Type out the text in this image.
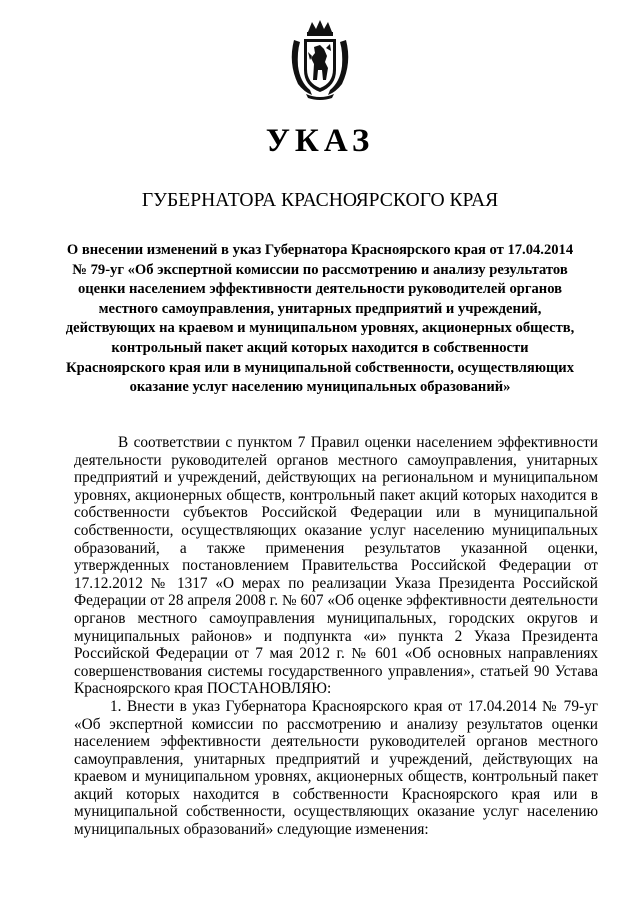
УКАЗ
ГУБЕРНАТОРА КРАСНОЯРСКОГО КРАЯ
О внесении изменений в указ Губернатора Красноярского края от 17.04.2014 № 79-уг «Об экспертной комиссии по рассмотрению и анализу результатов оценки населением эффективности деятельности руководителей органов местного самоуправления, унитарных предприятий и учреждений, действующих на краевом и муниципальном уровнях, акционерных обществ, контрольный пакет акций которых находится в собственности Красноярского края или в муниципальной собственности, осуществляющих оказание услуг населению муниципальных образований»

В соответствии с пунктом 7 Правил оценки населением эффективности деятельности руководителей органов местного самоуправления, унитарных предприятий и учреждений, действующих на региональном и муниципальном уровнях, акционерных обществ, контрольный пакет акций которых находится в собственности субъектов Российской Федерации или в муниципальной собственности, осуществляющих оказание услуг населению муниципальных образований, а также применения результатов указанной оценки, утвержденных постановлением Правительства Российской Федерации от 17.12.2012 № 1317 «О мерах по реализации Указа Президента Российской Федерации от 28 апреля 2008 г. № 607 «Об оценке эффективности деятельности органов местного самоуправления муниципальных, городских округов и муниципальных районов» и подпункта «и» пункта 2 Указа Президента Российской Федерации от 7 мая 2012 г. № 601 «Об основных направлениях совершенствования системы государственного управления», статьей 90 Устава Красноярского края ПОСТАНОВЛЯЮ:

1. Внести в указ Губернатора Красноярского края от 17.04.2014 № 79-уг «Об экспертной комиссии по рассмотрению и анализу результатов оценки населением эффективности деятельности руководителей органов местного самоуправления, унитарных предприятий и учреждений, действующих на краевом и муниципальном уровнях, акционерных обществ, контрольный пакет акций которых находится в собственности Красноярского края или в муниципальной собственности, осуществляющих оказание услуг населению муниципальных образований» следующие изменения:
